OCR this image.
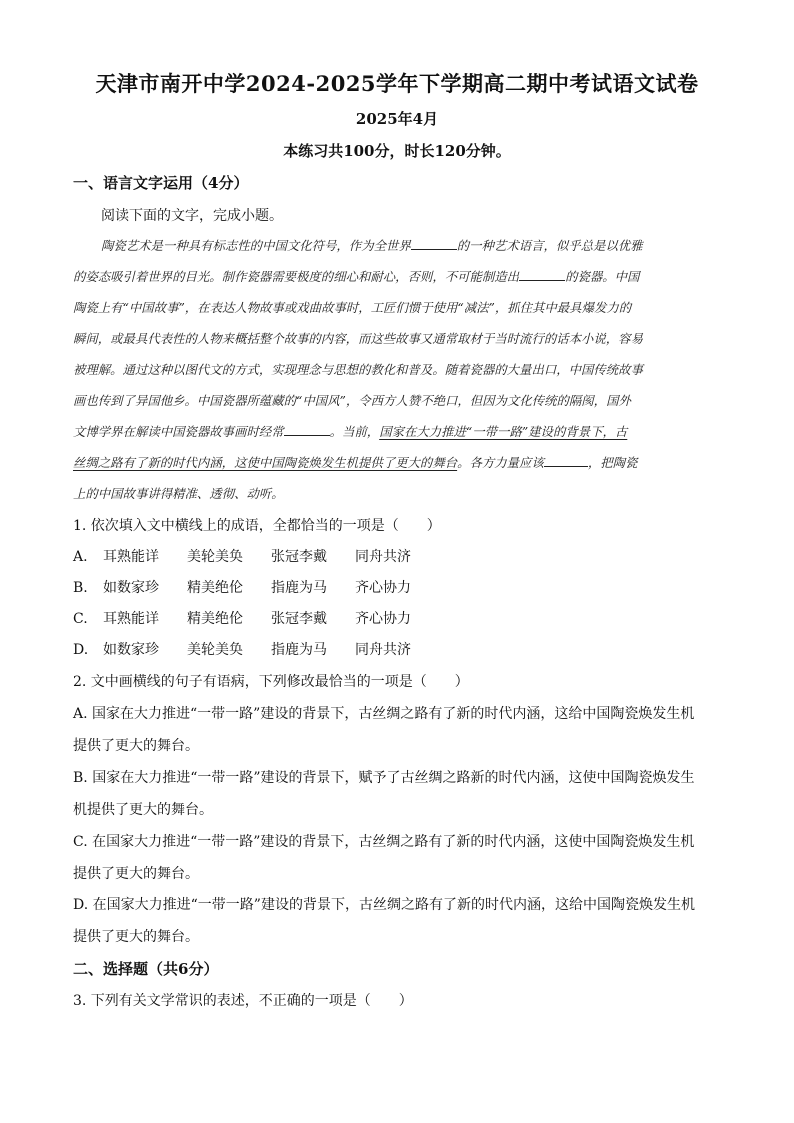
天津市南开中学2024-2025学年下学期高二期中考试语文试卷
2025年4月
本练习共100分，时长120分钟。
一、语言文字运用（4分）
阅读下面的文字，完成小题。
陶瓷艺术是一种具有标志性的中国文化符号，作为全世界	的一种艺术语言，似乎总是以优雅
的姿态吸引着世界的目光。制作瓷器需要极度的细心和耐心，否则，不可能制造出	的瓷器。中国
陶瓷上有“中国故事”，在表达人物故事或戏曲故事时，工匠们惯于使用“减法”，抓住其中最具爆发力的
瞬间，或最具代表性的人物来概括整个故事的内容，而这些故事又通常取材于当时流行的话本小说，容易
被理解。通过这种以图代文的方式，实现理念与思想的教化和普及。随着瓷器的大量出口，中国传统故事
画也传到了异国他乡。中国瓷器所蕴藏的“中国风”，令西方人赞不绝口，但因为文化传统的隔阂，国外
文博学界在解读中国瓷器故事画时经常	。当前，国家在大力推进“一带一路”建设的背景下，古
丝绸之路有了新的时代内涵，这使中国陶瓷焕发生机提供了更大的舞台。各方力量应该	，把陶瓷
上的中国故事讲得精准、透彻、动听。
1. 依次填入文中横线上的成语，全都恰当的一项是（　　）
A. 耳熟能详 美轮美奂 张冠李戴 同舟共济
B. 如数家珍 精美绝伦 指鹿为马 齐心协力
C. 耳熟能详 精美绝伦 张冠李戴 齐心协力
D. 如数家珍 美轮美奂 指鹿为马 同舟共济
2. 文中画横线的句子有语病，下列修改最恰当的一项是（　　）
A. 国家在大力推进“一带一路”建设的背景下，古丝绸之路有了新的时代内涵，这给中国陶瓷焕发生机
提供了更大的舞台。
B. 国家在大力推进“一带一路”建设的背景下，赋予了古丝绸之路新的时代内涵，这使中国陶瓷焕发生
机提供了更大的舞台。
C. 在国家大力推进“一带一路”建设的背景下，古丝绸之路有了新的时代内涵，这使中国陶瓷焕发生机
提供了更大的舞台。
D. 在国家大力推进“一带一路”建设的背景下，古丝绸之路有了新的时代内涵，这给中国陶瓷焕发生机
提供了更大的舞台。
二、选择题（共6分）
3. 下列有关文学常识的表述，不正确的一项是（　　）
